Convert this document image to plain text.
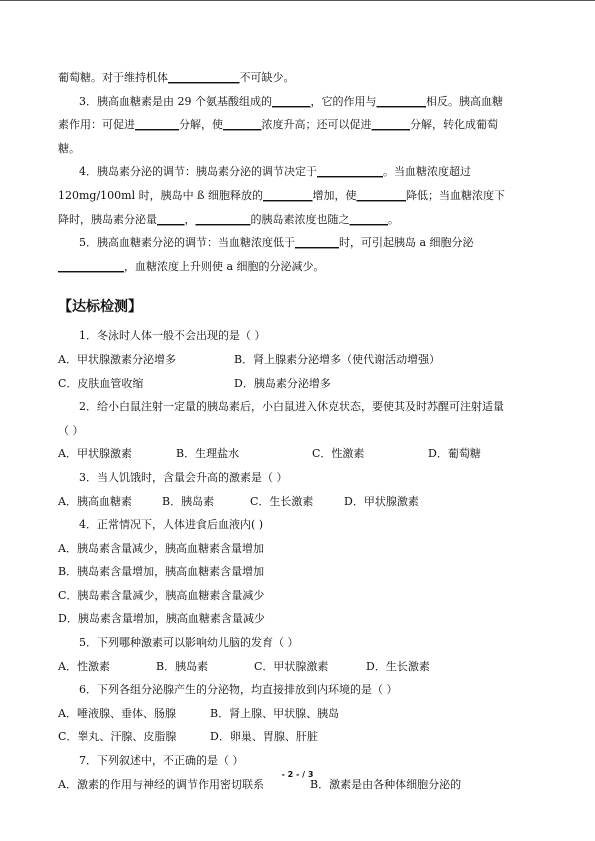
葡萄糖。对于维持机体_____________不可缺少。
3．胰高血糖素是由 29 个氨基酸组成的_______，它的作用与_________相反。胰高血糖
素作用：可促进________分解，使_______浓度升高；还可以促进_______分解，转化成葡萄
糖。
4．胰岛素分泌的调节：胰岛素分泌的调节决定于____________。当血糖浓度超过
120mg/100ml 时，胰岛中 ß 细胞释放的_________增加，使_________降低；当血糖浓度下
降时，胰岛素分泌量_____，__________的胰岛素浓度也随之_______。
5．胰高血糖素分泌的调节：当血糖浓度低于________时，可引起胰岛 a 细胞分泌
____________，血糖浓度上升则使 a 细胞的分泌减少。
【达标检测】
1．冬泳时人体一般不会出现的是（ ）
A．甲状腺激素分泌增多	B．肾上腺素分泌增多（使代谢活动增强）
C．皮肤血管收缩	D．胰岛素分泌增多
2．给小白鼠注射一定量的胰岛素后，小白鼠进入休克状态，要使其及时苏醒可注射适量
（ ）
A．甲状腺激素	B．生理盐水	C．性激素	D．葡萄糖
3．当人饥饿时，含量会升高的激素是（ ）
A．胰高血糖素	B．胰岛素	C．生长激素	D．甲状腺激素
4．正常情况下，人体进食后血液内( )
A．胰岛素含量减少，胰高血糖素含量增加
B．胰岛素含量增加，胰高血糖素含量增加
C．胰岛素含量减少，胰高血糖素含量减少
D．胰岛素含量增加，胰高血糖素含量减少
5．下列哪种激素可以影响幼儿脑的发育（ ）
A．性激素	B．胰岛素	C．甲状腺激素	D．生长激素
6．下列各组分泌腺产生的分泌物，均直接排放到内环境的是（ ）
A．唾液腺、垂体、肠腺	B．肾上腺、甲状腺、胰岛
C．睾丸、汗腺、皮脂腺	D．卵巢、胃腺、肝脏
7．下列叙述中，不正确的是（ ）
A．激素的作用与神经的调节作用密切联系	B．激素是由各种体细胞分泌的
- 2 - / 3
